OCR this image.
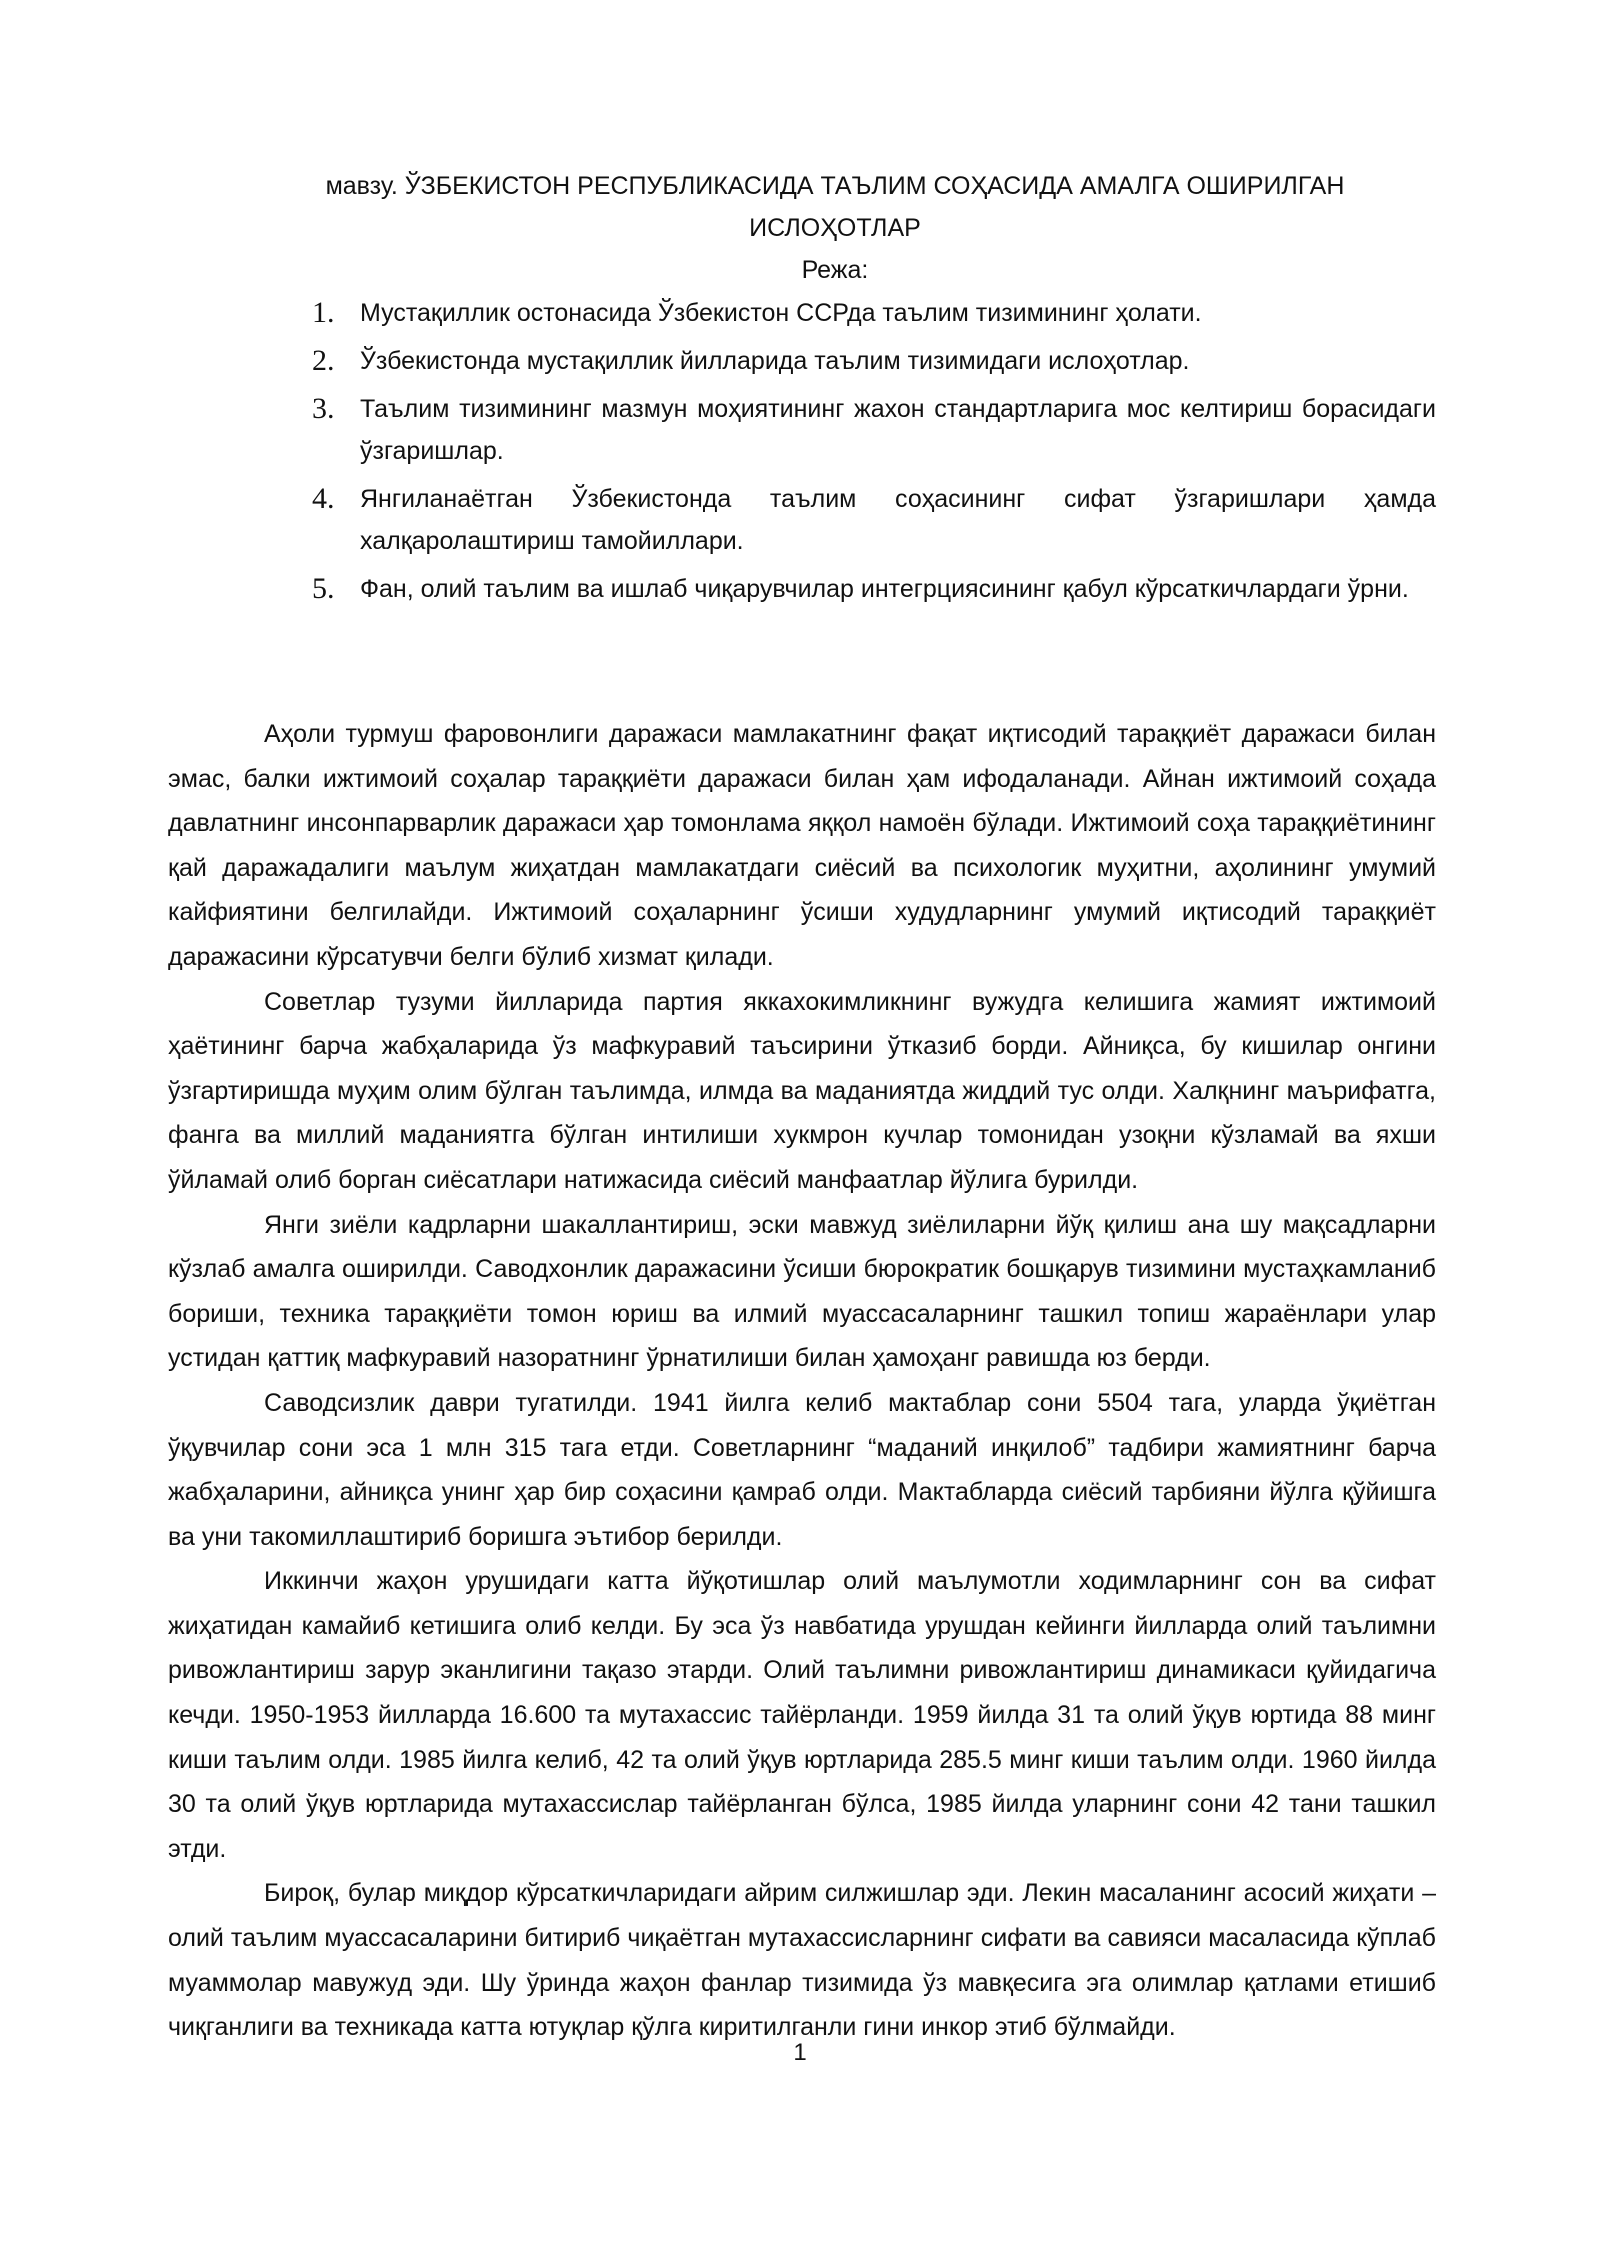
мавзу. ЎЗБЕКИСТОН РЕСПУБЛИКАСИДА ТАЪЛИМ СОҲАСИДА АМАЛГА ОШИРИЛГАН
ИСЛОҲОТЛАР
Режа:
1. Мустақиллик остонасида Ўзбекистон ССРда таълим тизимининг ҳолати.
2. Ўзбекистонда мустақиллик йилларида таълим тизимидаги ислоҳотлар.
3. Таълим тизимининг мазмун моҳиятининг жахон стандартларига мос келтириш борасидаги ўзгаришлар.
4. Янгиланаётган Ўзбекистонда таълим соҳасининг сифат ўзгаришлари ҳамда халқаролаштириш тамойиллари.
5. Фан, олий таълим ва ишлаб чиқарувчилар интегрциясининг қабул кўрсаткичлардаги ўрни.

Аҳоли турмуш фаровонлиги даражаси мамлакатнинг фақат иқтисодий тараққиёт даражаси билан эмас, балки ижтимоий соҳалар тараққиёти даражаси билан ҳам ифодаланади. Айнан ижтимоий соҳада давлатнинг инсонпарварлик даражаси ҳар томонлама яққол намоён бўлади. Ижтимоий соҳа тараққиётининг қай даражадалиги маълум жиҳатдан мамлакатдаги сиёсий ва психологик муҳитни, аҳолининг умумий кайфиятини белгилайди. Ижтимоий соҳаларнинг ўсиши худудларнинг умумий иқтисодий тараққиёт даражасини кўрсатувчи белги бўлиб хизмат қилади.

Советлар тузуми йилларида партия яккахокимликнинг вужудга келишига жамият ижтимоий ҳаётининг барча жабҳаларида ўз мафкуравий таъсирини ўтказиб борди. Айниқса, бу кишилар онгини ўзгартиришда муҳим олим бўлган таълимда, илмда ва маданиятда жиддий тус олди. Халқнинг маърифатга, фанга ва миллий маданиятга бўлган интилиши хукмрон кучлар томонидан узоқни кўзламай ва яхши ўйламай олиб борган сиёсатлари натижасида сиёсий манфаатлар йўлига бурилди.

Янги зиёли кадрларни шакаллантириш, эски мавжуд зиёлиларни йўқ қилиш ана шу мақсадларни кўзлаб амалга оширилди. Саводхонлик даражасини ўсиши бюрократик бошқарув тизимини мустаҳкамланиб бориши, техника тараққиёти томон юриш ва илмий муассасаларнинг ташкил топиш жараёнлари улар устидан қаттиқ мафкуравий назоратнинг ўрнатилиши билан ҳамоҳанг равишда юз берди.

Саводсизлик даври тугатилди. 1941 йилга келиб мактаблар сони 5504 тага, уларда ўқиётган ўқувчилар сони эса 1 млн 315 тага етди. Советларнинг “маданий инқилоб” тадбири жамиятнинг барча жабҳаларини, айниқса унинг ҳар бир соҳасини қамраб олди. Мактабларда сиёсий тарбияни йўлга қўйишга ва уни такомиллаштириб боришга эътибор берилди.

Иккинчи жаҳон урушидаги катта йўқотишлар олий маълумотли ходимларнинг сон ва сифат жиҳатидан камайиб кетишига олиб келди. Бу эса ўз навбатида урушдан кейинги йилларда олий таълимни ривожлантириш зарур эканлигини тақазо этарди. Олий таълимни ривожлантириш динамикаси қуйидагича кечди. 1950-1953 йилларда 16.600 та мутахассис тайёрланди. 1959 йилда 31 та олий ўқув юртида 88 минг киши таълим олди. 1985 йилга келиб, 42 та олий ўқув юртларида 285.5 минг киши таълим олди. 1960 йилда 30 та олий ўқув юртларида мутахассислар тайёрланган бўлса, 1985 йилда уларнинг сони 42 тани ташкил этди.

Бироқ, булар миқдор кўрсаткичларидаги айрим силжишлар эди. Лекин масаланинг асосий жиҳати – олий таълим муассасаларини битириб чиқаётган мутахассисларнинг сифати ва савияси масаласида кўплаб муаммолар мавужуд эди. Шу ўринда жаҳон фанлар тизимида ўз мавқесига эга олимлар қатлами етишиб чиқганлиги ва техникада катта ютуқлар қўлга киритилганли гини инкор этиб бўлмайди.

1
